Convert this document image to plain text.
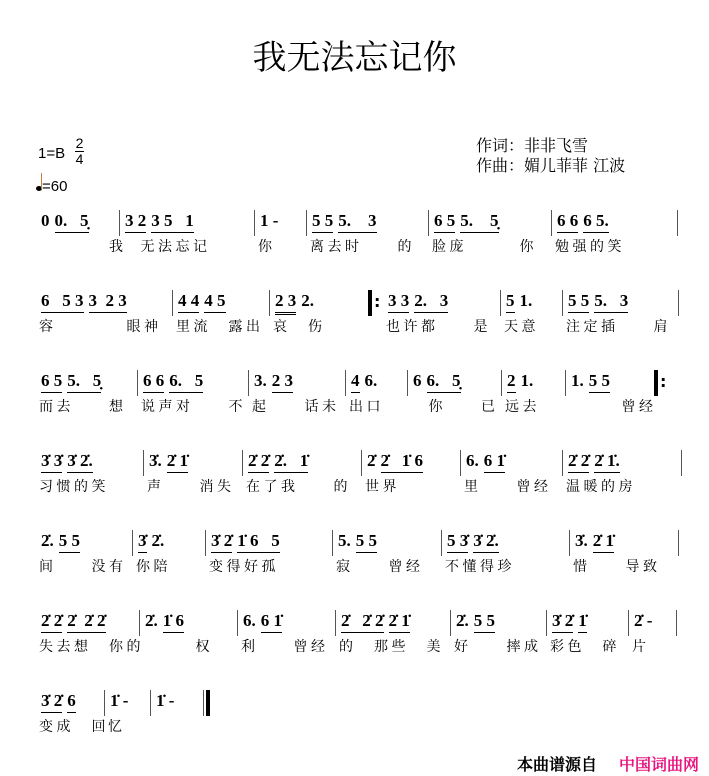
我无法忘记你
1=B
2
4
=60
作词：非非飞雪
作曲：媚儿菲菲 江波
0 0.   5̣
　　　　我
3 2 3 5   1
　无法忘记
1 -
你
5 5 5.    3
离去时　　的
6 5 5.    5̣
脸庞　　　你
6 6 6 5.
勉强的笑
6   5 3 3  2 3
容　　　　眼神
4 4 4 5
里流　露出
2 3 2.
哀　伤
3 3 2.   3
也许都　　是
5 1.
天意
5 5 5.   3
注定插　　肩
:
6 5 5.   5̣
而去　　想
6 6 6.   5
说声对　　不
3. 2 3
起　　话未
4 6.
出口
6 6.   5̣
　你　　已
2 1.
远去
1. 5 5
　　　曾经
:
3̇ 3̇ 3̇ 2̇.
习惯的笑
3̇. 2̇ 1̇
声　　消失
2̇ 2̇ 2̇.   1̇
在了我　　的
2̇ 2̇   1̇ 6
世界
6. 6 1̇
里　　曾经
2̇ 2̇ 2̇ 1̇.
温暖的房
2̇. 5 5
间　　没有
3̇ 2̇.
你陪
3̇ 2̇ 1̇ 6   5
变得好孤
5. 5 5
寂　　曾经
5 3̇ 3̇ 2̇.
不懂得珍
3̇. 2̇ 1̇
惜　　导致
2̇ 2̇ 2̇  2̇ 2̇
失去想　你的
2̇. 1̇ 6
　　　权
6. 6 1̇
利　　曾经
2̇   2̇ 2̇ 2̇ 1̇
的　那些　美
2̇. 5 5
好　　摔成
3̇ 2̇ 1̇
彩色　碎
2̇ -
片
3̇ 2̇ 6
变成　回
1̇ -
忆
1̇ -
本曲谱源自 中国词曲网
